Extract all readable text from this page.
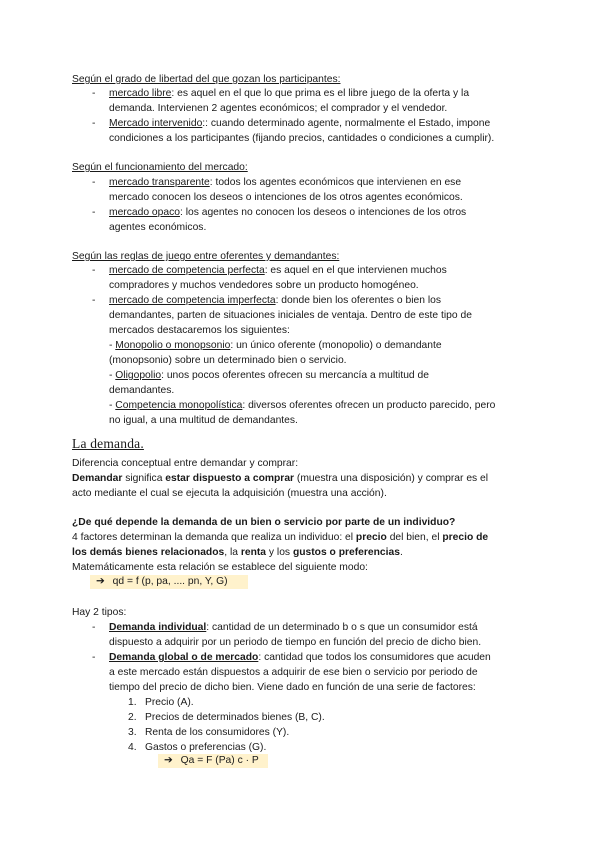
Según el grado de libertad del que gozan los participantes:
- mercado libre: es aquel en el que lo que prima es el libre juego de la oferta y la
demanda. Intervienen 2 agentes económicos; el comprador y el vendedor.
- Mercado intervenido:: cuando determinado agente, normalmente el Estado, impone
condiciones a los participantes (fijando precios, cantidades o condiciones a cumplir).
Según el funcionamiento del mercado:
- mercado transparente: todos los agentes económicos que intervienen en ese
mercado conocen los deseos o intenciones de los otros agentes económicos.
- mercado opaco: los agentes no conocen los deseos o intenciones de los otros
agentes económicos.
Según las reglas de juego entre oferentes y demandantes:
- mercado de competencia perfecta: es aquel en el que intervienen muchos
compradores y muchos vendedores sobre un producto homogéneo.
- mercado de competencia imperfecta: donde bien los oferentes o bien los
demandantes, parten de situaciones iniciales de ventaja. Dentro de este tipo de
mercados destacaremos los siguientes:
- Monopolio o monopsonio: un único oferente (monopolio) o demandante
(monopsonio) sobre un determinado bien o servicio.
- Oligopolio: unos pocos oferentes ofrecen su mercancía a multitud de
demandantes.
- Competencia monopolística: diversos oferentes ofrecen un producto parecido, pero
no igual, a una multitud de demandantes.
La demanda.
Diferencia conceptual entre demandar y comprar:
Demandar significa estar dispuesto a comprar (muestra una disposición) y comprar es el
acto mediante el cual se ejecuta la adquisición (muestra una acción).
¿De qué depende la demanda de un bien o servicio por parte de un individuo?
4 factores determinan la demanda que realiza un individuo: el precio del bien, el precio de
los demás bienes relacionados, la renta y los gustos o preferencias.
Matemáticamente esta relación se establece del siguiente modo:
➔ qd = f (p, pa, .... pn, Y, G)
Hay 2 tipos:
- Demanda individual: cantidad de un determinado b o s que un consumidor está
dispuesto a adquirir por un periodo de tiempo en función del precio de dicho bien.
- Demanda global o de mercado: cantidad que todos los consumidores que acuden
a este mercado están dispuestos a adquirir de ese bien o servicio por periodo de
tiempo del precio de dicho bien. Viene dado en función de una serie de factores:
1. Precio (A).
2. Precios de determinados bienes (B, C).
3. Renta de los consumidores (Y).
4. Gastos o preferencias (G).
➔ Qa = F (Pa) c · P
